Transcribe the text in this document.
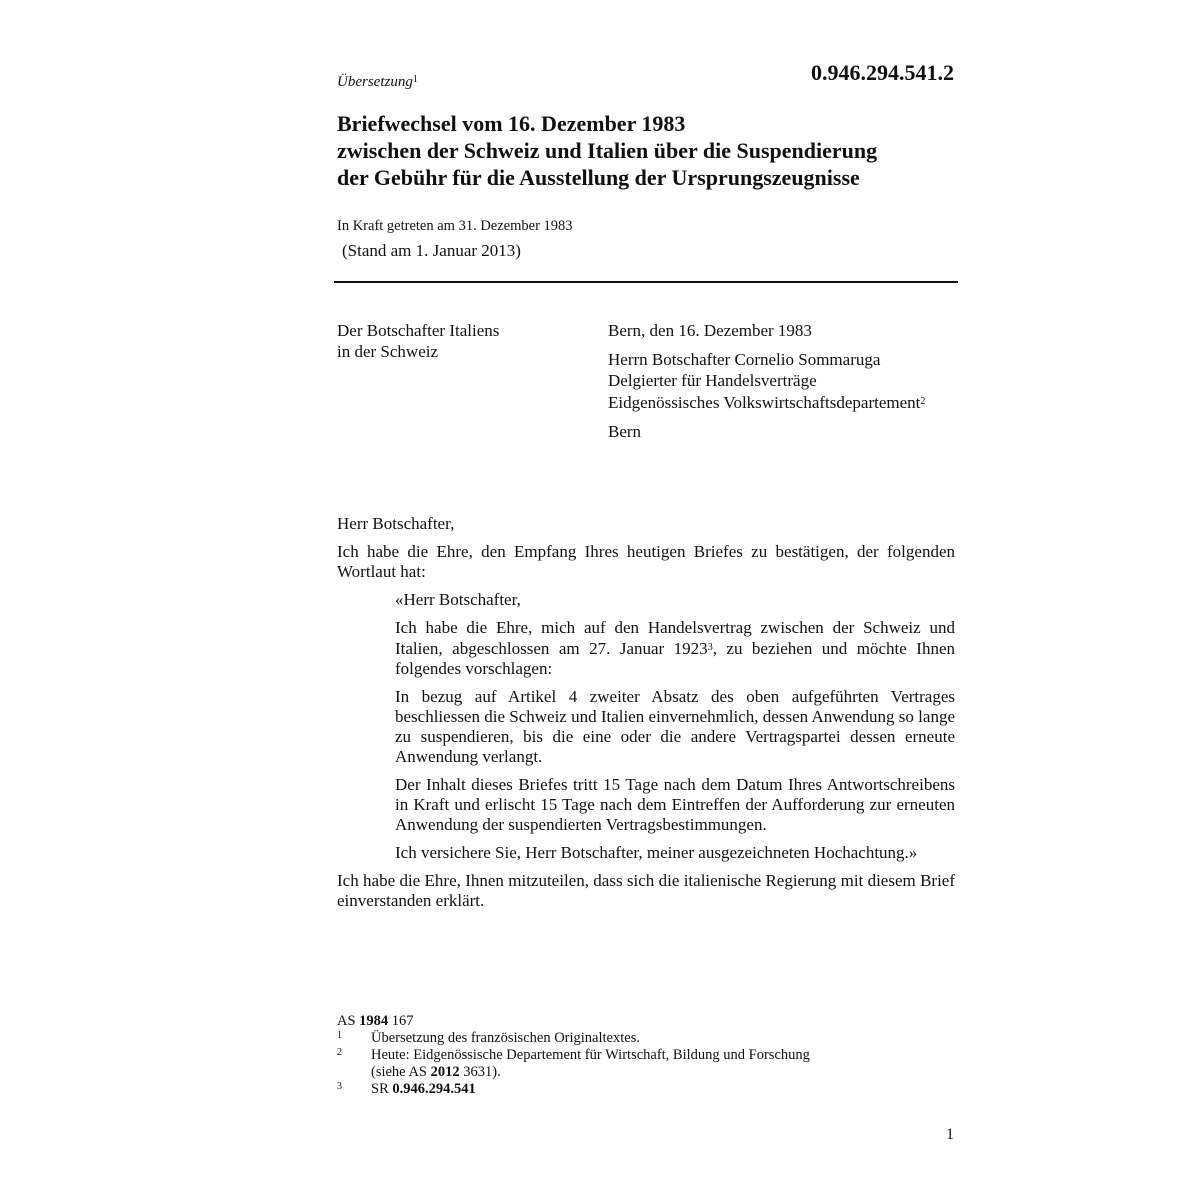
Übersetzung$^1$	0.946.294.541.2
Briefwechsel vom 16. Dezember 1983
zwischen der Schweiz und Italien über die Suspendierung
der Gebühr für die Ausstellung der Ursprungszeugnisse
In Kraft getreten am 31. Dezember 1983
(Stand am 1. Januar 2013)
Der Botschafter Italiens
in der Schweiz
Bern, den 16. Dezember 1983
Herrn Botschafter Cornelio Sommaruga
Delgierter für Handelsverträge
Eidgenössisches Volkswirtschaftsdepartement$^2$
Bern

Herr Botschafter,

Ich habe die Ehre, den Empfang Ihres heutigen Briefes zu bestätigen, der folgenden Wortlaut hat:

«Herr Botschafter,

Ich habe die Ehre, mich auf den Handelsvertrag zwischen der Schweiz und Italien, abgeschlossen am 27. Januar 1923$^3$, zu beziehen und möchte Ihnen folgendes vorschlagen:

In bezug auf Artikel 4 zweiter Absatz des oben aufgeführten Vertrages beschliessen die Schweiz und Italien einvernehmlich, dessen Anwendung so lange zu suspendieren, bis die eine oder die andere Vertragspartei dessen erneute Anwendung verlangt.

Der Inhalt dieses Briefes tritt 15 Tage nach dem Datum Ihres Antwortschreibens in Kraft und erlischt 15 Tage nach dem Eintreffen der Aufforderung zur erneuten Anwendung der suspendierten Vertragsbestimmungen.

Ich versichere Sie, Herr Botschafter, meiner ausgezeichneten Hochachtung.»

Ich habe die Ehre, Ihnen mitzuteilen, dass sich die italienische Regierung mit diesem Brief einverstanden erklärt.

AS 1984 167
1 Übersetzung des französischen Originaltextes.
2 Heute: Eidgenössische Departement für Wirtschaft, Bildung und Forschung
(siehe AS 2012 3631).
3 SR 0.946.294.541
1
